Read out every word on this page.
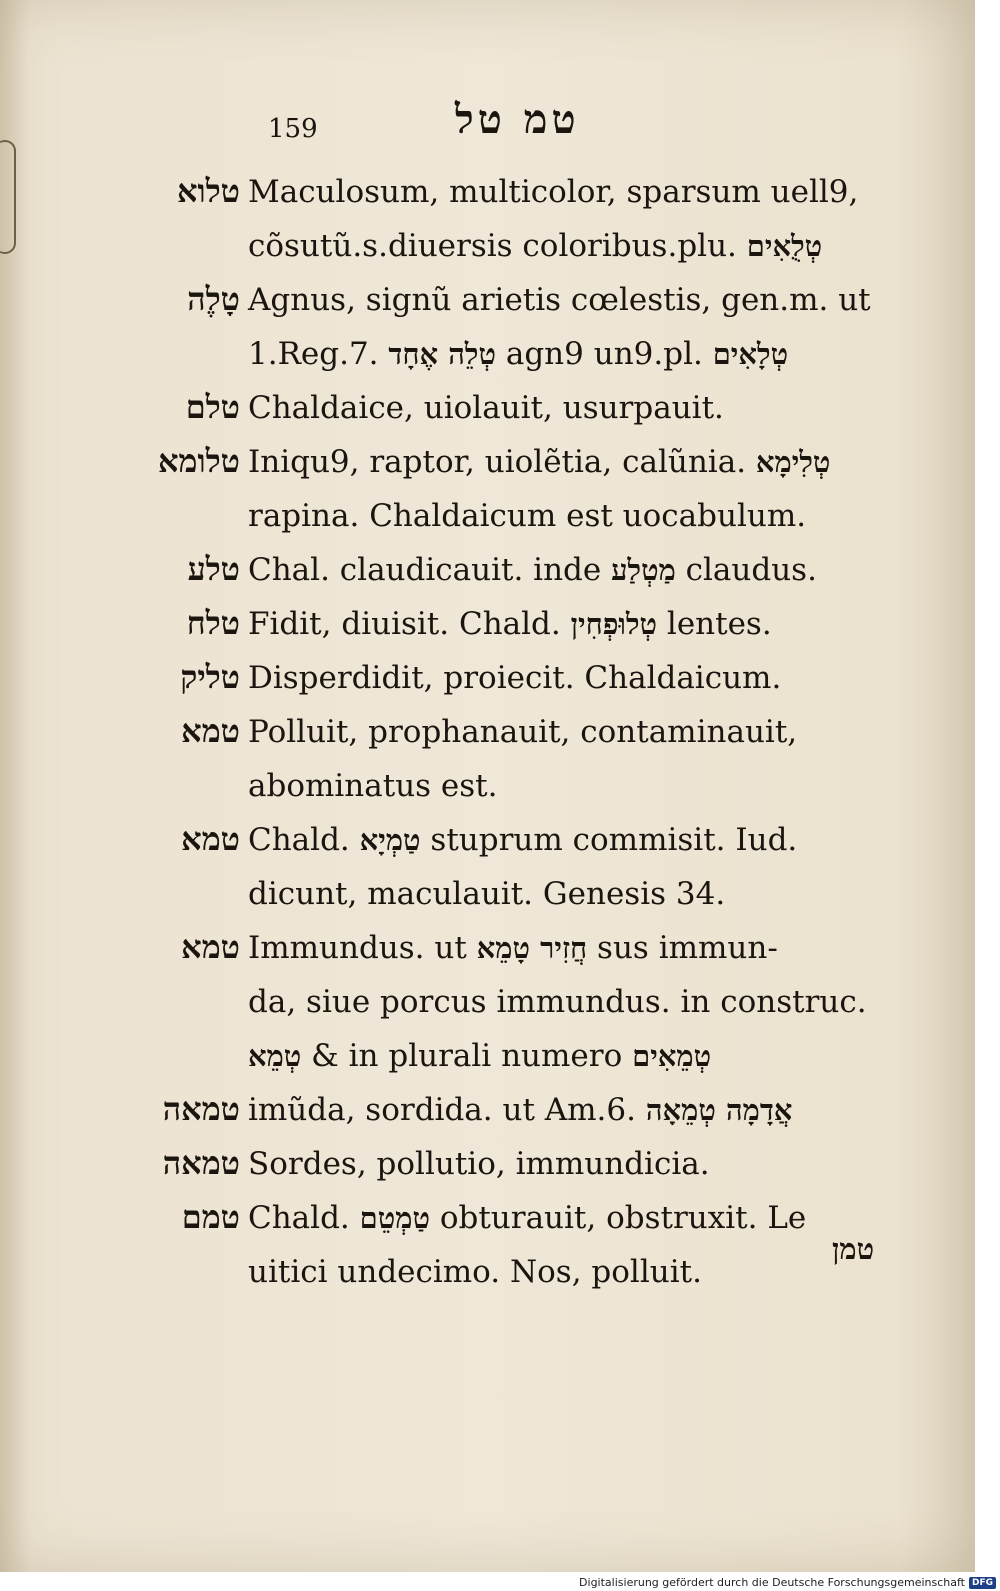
159	טמ טל
טלוא Maculosum, multicolor, sparsum uell9,
cõsutũ.s.diuersis coloribus.plu. טְלֻאִים
טָלֶה Agnus, signũ arietis cœlestis, gen.m. ut
1.Reg.7. טְלֵה אֶחָד agn9 un9.pl. טְלָאִים
טלם Chaldaice, uiolauit, usurpauit.
טלומא Iniqu9, raptor, uiolẽtia, calũnia. טְלִימָא
rapina. Chaldaicum est uocabulum.
טלע Chal. claudicauit. inde מַטְלַע claudus.
טלח Fidit, diuisit. Chald. טְלוּפְחִין lentes.
טליק Disperdidit, proiecit. Chaldaicum.
טמא Polluit, prophanauit, contaminauit,
abominatus est.
טמא Chald. טַמְיָא stuprum commisit. Iud.
dicunt, maculauit. Genesis 34.
טמא Immundus. ut חֲזִיר טָמֵא sus immun-
da, siue porcus immundus. in construc.
טְמֵא & in plurali numero טְמֵאִים
טמאה imũda, sordida. ut Am.6. אֲדָמָה טְמֵאָה
טמאה Sordes, pollutio, immundicia.
טמם Chald. טַמְטֵם obturauit, obstruxit. Le
uitici undecimo. Nos, polluit.
טמן
Digitalisierung gefördert durch die Deutsche Forschungsgemeinschaft DFG
